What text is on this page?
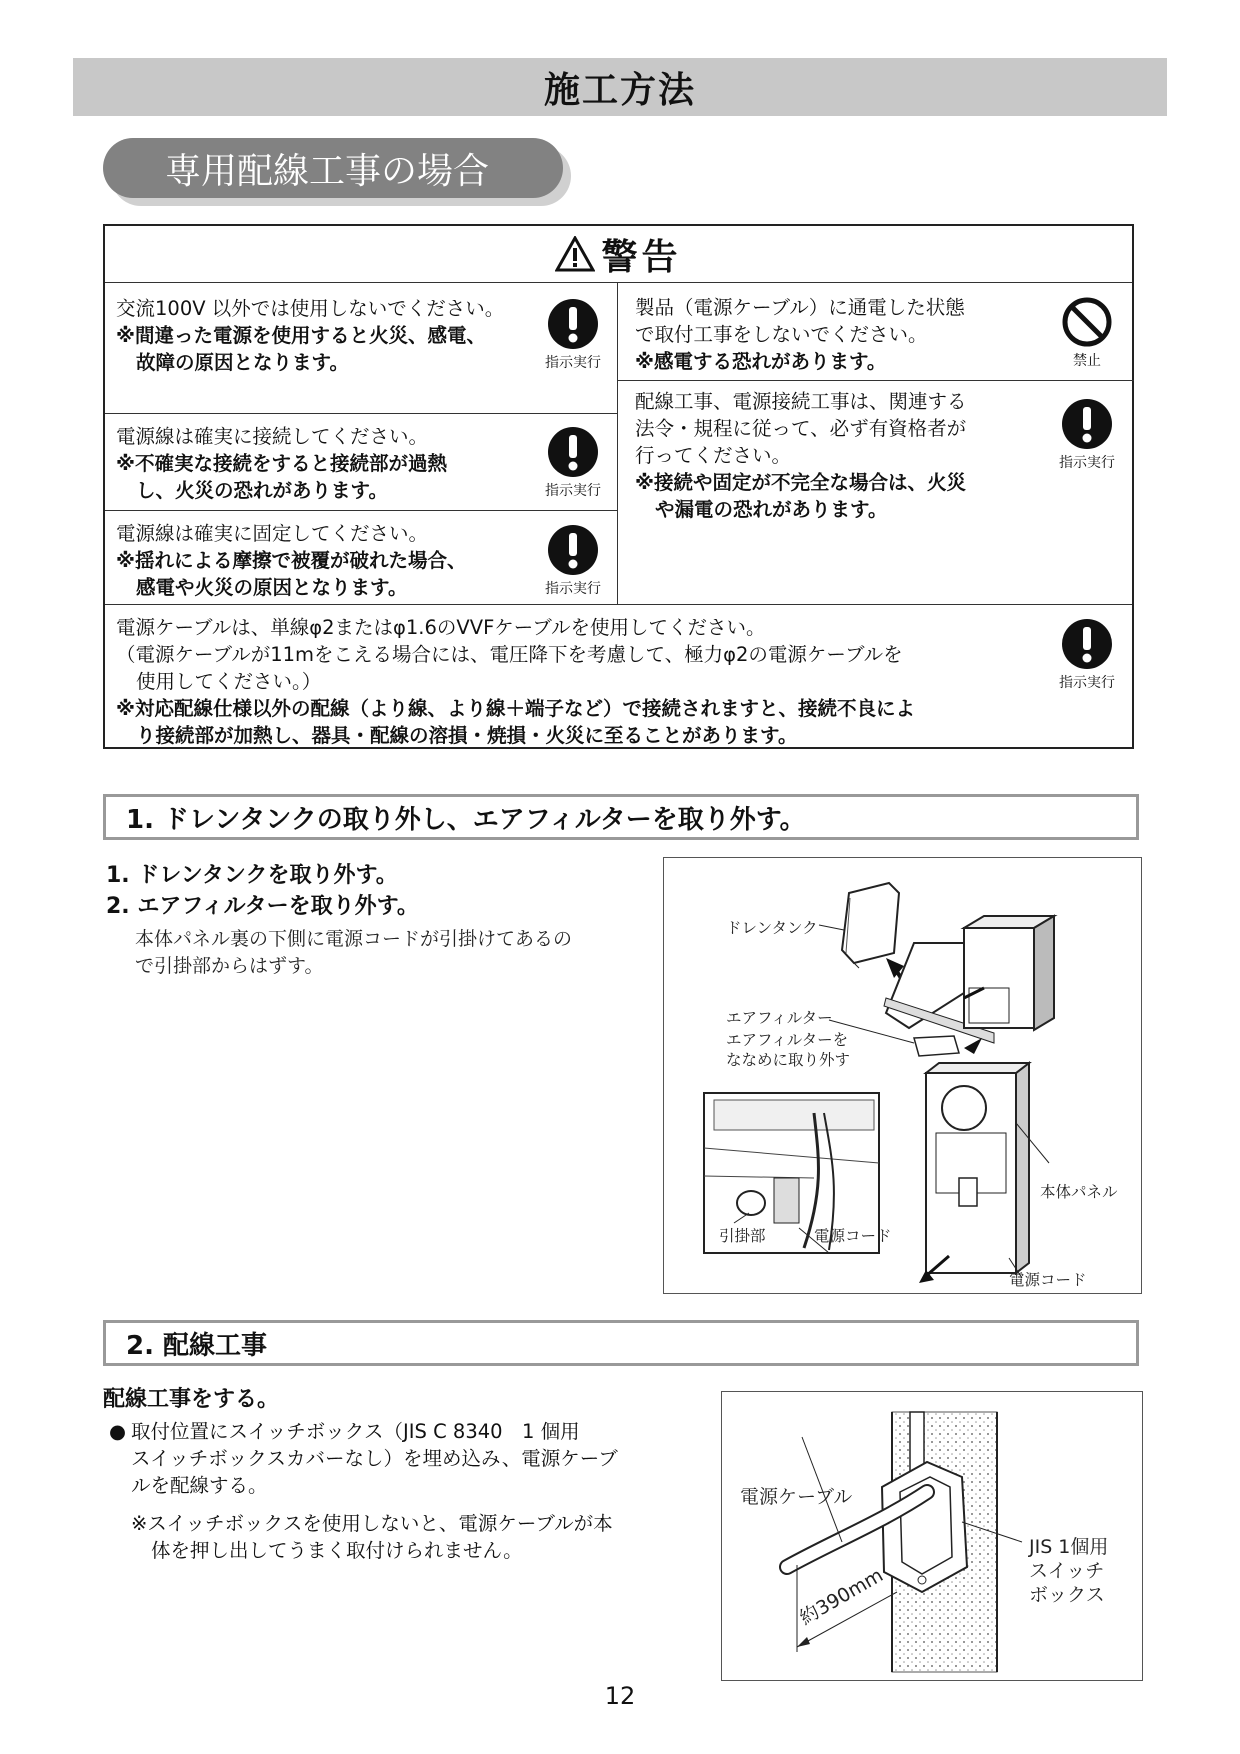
施工方法
専用配線工事の場合
警告
交流100V 以外では使用しないでください。
※間違った電源を使用すると火災、感電、
故障の原因となります。	指示実行
電源線は確実に接続してください。
※不確実な接続をすると接続部が過熱
し、火災の恐れがあります。	指示実行
電源線は確実に固定してください。
※揺れによる摩擦で被覆が破れた場合、
感電や火災の原因となります。	指示実行
製品（電源ケーブル）に通電した状態
で取付工事をしないでください。
※感電する恐れがあります。	禁止
配線工事、電源接続工事は、関連する
法令・規程に従って、必ず有資格者が
行ってください。
※接続や固定が不完全な場合は、火災
や漏電の恐れがあります。
指示実行
電源ケーブルは、単線φ2またはφ1.6のVVFケーブルを使用してください。
（電源ケーブルが11mをこえる場合には、電圧降下を考慮して、極力φ2の電源ケーブルを
使用してください。）
※対応配線仕様以外の配線（より線、より線＋端子など）で接続されますと、接続不良によ
り接続部が加熱し、器具・配線の溶損・焼損・火災に至ることがあります。
指示実行
1. ドレンタンクの取り外し、エアフィルターを取り外す。
1. ドレンタンクを取り外す。
2. エアフィルターを取り外す。
本体パネル裏の下側に電源コードが引掛けてあるの
で引掛部からはずす。
ドレンタンク
エアフィルター
エアフィルターを
ななめに取り外す
本体パネル
引掛部	電源コード
電源コード
2. 配線工事
配線工事をする。
● 取付位置にスイッチボックス（JIS C 8340　1 個用
スイッチボックスカバーなし）を埋め込み、電源ケーブ
ルを配線する。
※スイッチボックスを使用しないと、電源ケーブルが本
体を押し出してうまく取付けられません。
電源ケーブル
JIS 1個用
スイッチ
ボックス
約390mm
12
